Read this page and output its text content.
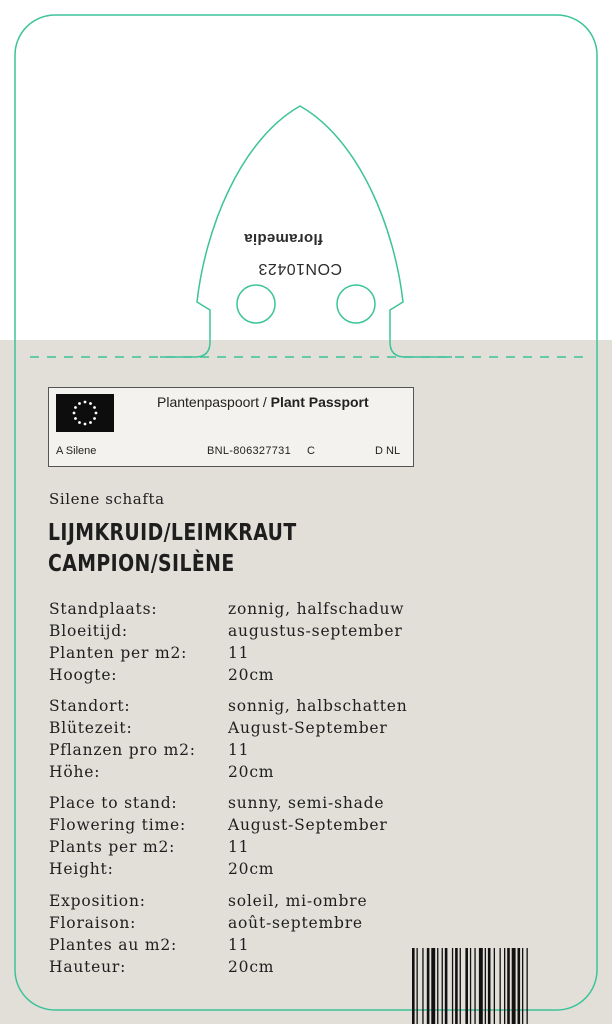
floramedia
CON10423
Plantenpaspoort / Plant Passport
A Silene	BNL-806327731 C	D NL
Silene schafta
LIJMKRUID/LEIMKRAUT
CAMPION/SILÈNE
Standplaats:	zonnig, halfschaduw
Bloeitijd:	augustus-september
Planten per m2:	11
Hoogte:	20cm
Standort:	sonnig, halbschatten
Blütezeit:	August-September
Pflanzen pro m2: 11
Höhe:	20cm
Place to stand:	sunny, semi-shade
Flowering time:	August-September
Plants per m2:	11
Height:	20cm
Exposition:	soleil, mi-ombre
Floraison:	août-septembre
Plantes au m2:	11
Hauteur:	20cm
